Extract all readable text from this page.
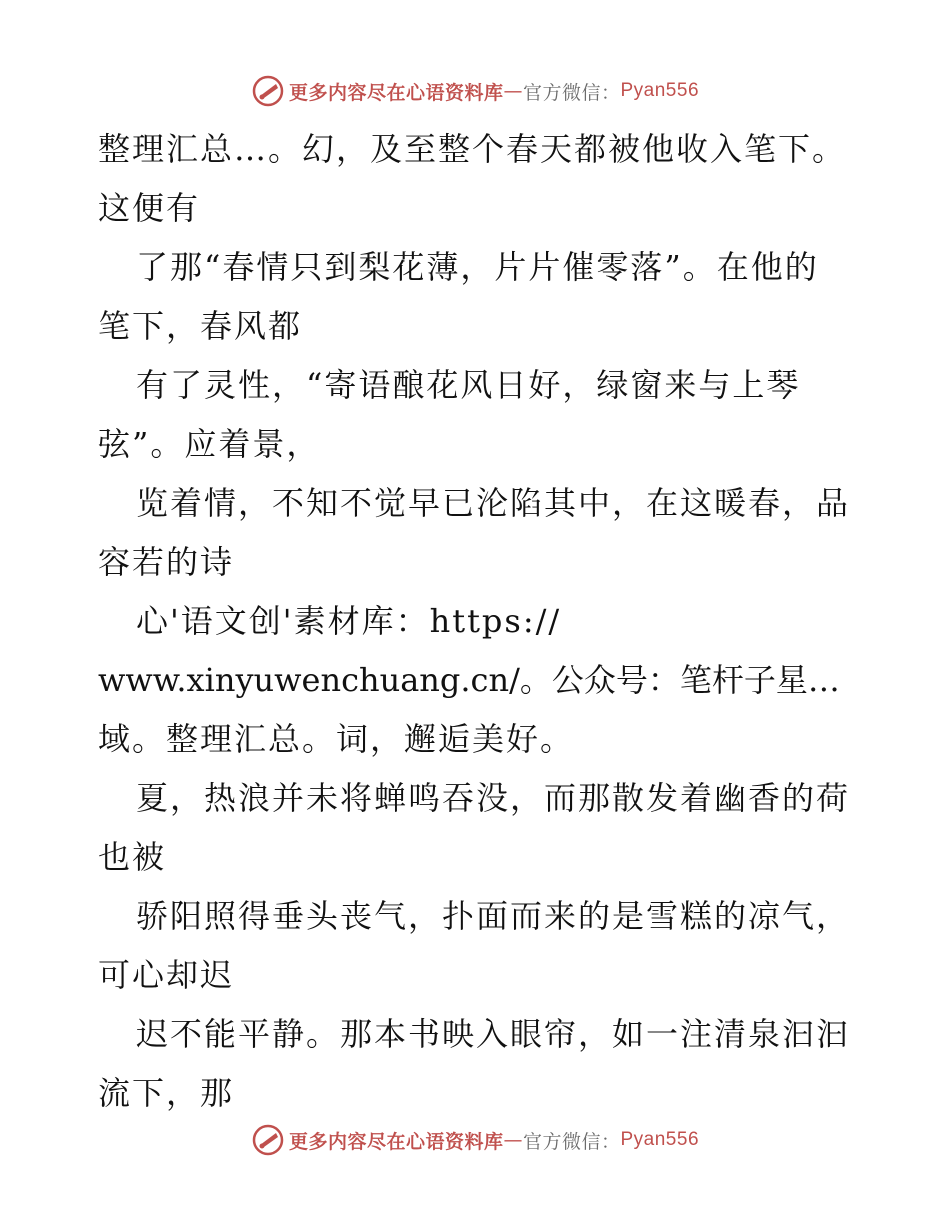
更多内容尽在心语资料库 — 官方微信： Pyan556
整理汇总…。幻，及至整个春天都被他收入笔下。
这便有
了那“春情只到梨花薄，片片催零落”。在他的
笔下，春风都
有了灵性，“寄语酿花风日好，绿窗来与上琴
弦”。应着景，
览着情，不知不觉早已沦陷其中，在这暖春，品
容若的诗
心'语文创'素材库：https://
www.xinyuwenchuang.cn/。公众号：笔杆子星…
域。整理汇总。词，邂逅美好。
夏，热浪并未将蝉鸣吞没，而那散发着幽香的荷
也被
骄阳照得垂头丧气，扑面而来的是雪糕的凉气，
可心却迟
迟不能平静。那本书映入眼帘，如一注清泉汩汩
流下，那
更多内容尽在心语资料库 — 官方微信： Pyan556
